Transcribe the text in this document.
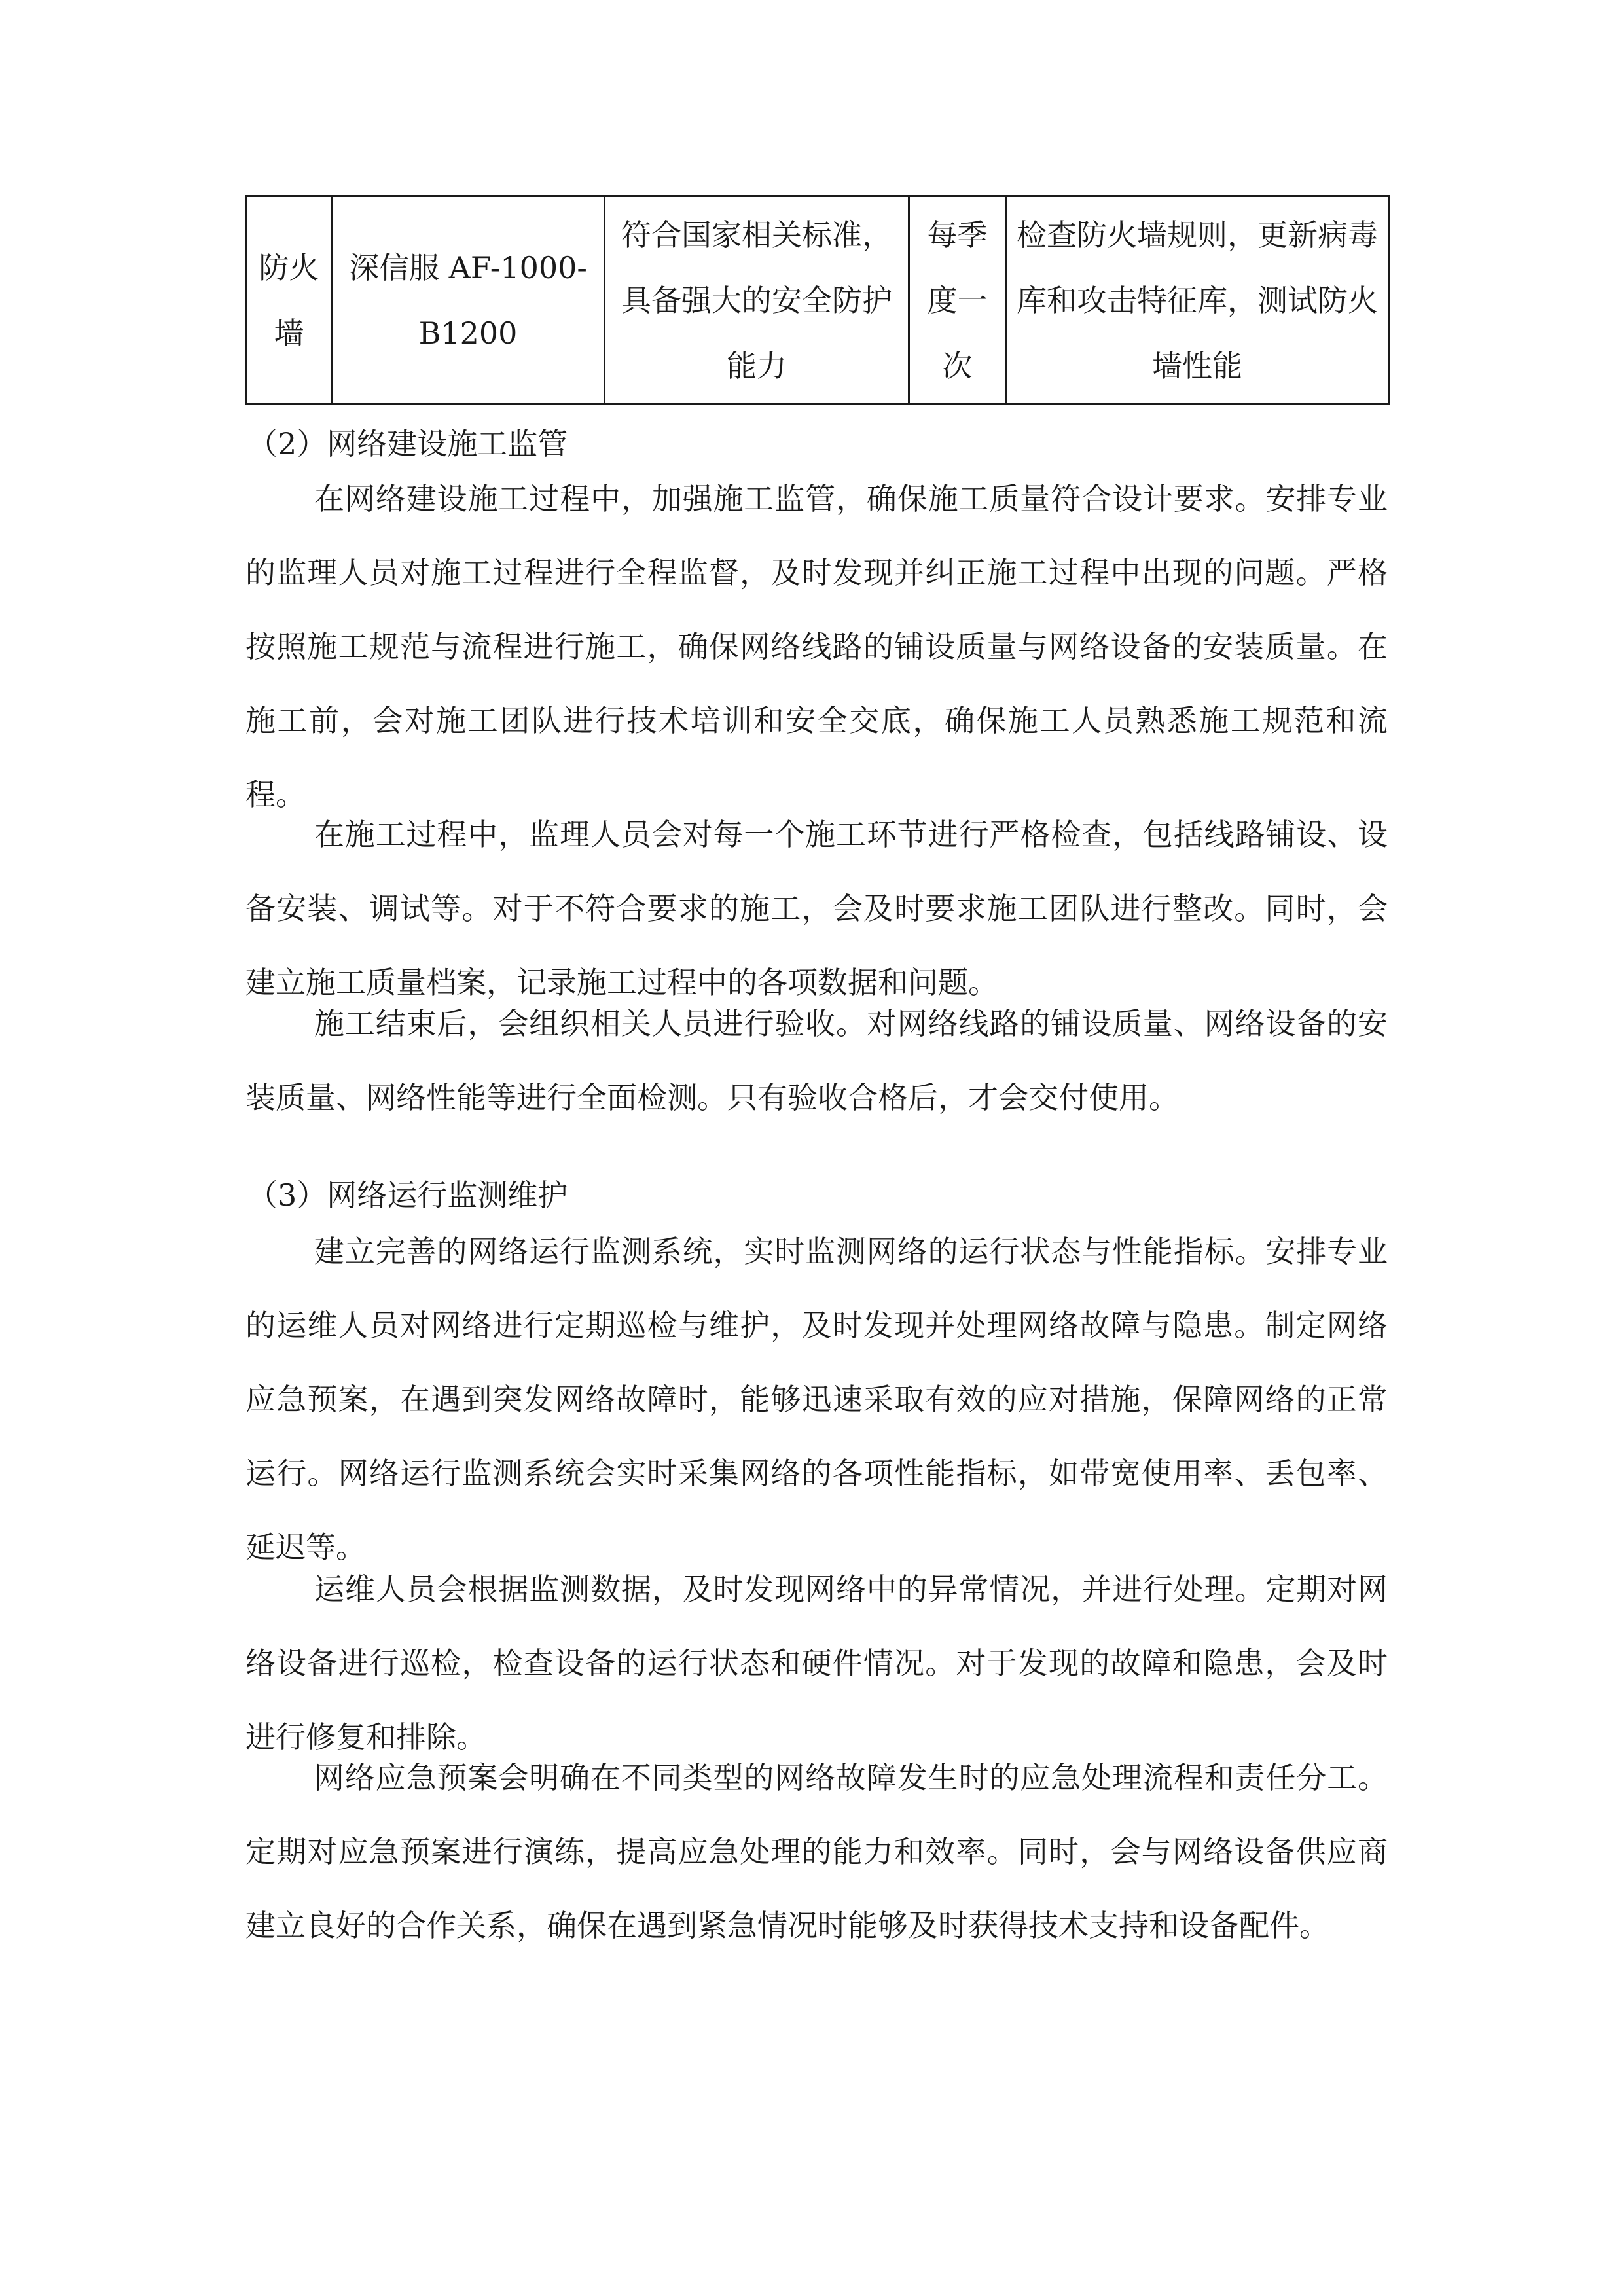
防火墙	深信服 AF-1000-B1200	符合国家相关标准，具备强大的安全防护能力	每季度一次	检查防火墙规则，更新病毒库和攻击特征库，测试防火墙性能
（2）网络建设施工监管

在网络建设施工过程中，加强施工监管，确保施工质量符合设计要求。安排专业的监理人员对施工过程进行全程监督，及时发现并纠正施工过程中出现的问题。严格按照施工规范与流程进行施工，确保网络线路的铺设质量与网络设备的安装质量。在施工前，会对施工团队进行技术培训和安全交底，确保施工人员熟悉施工规范和流程。

在施工过程中，监理人员会对每一个施工环节进行严格检查，包括线路铺设、设备安装、调试等。对于不符合要求的施工，会及时要求施工团队进行整改。同时，会建立施工质量档案，记录施工过程中的各项数据和问题。

施工结束后，会组织相关人员进行验收。对网络线路的铺设质量、网络设备的安装质量、网络性能等进行全面检测。只有验收合格后，才会交付使用。

（3）网络运行监测维护

建立完善的网络运行监测系统，实时监测网络的运行状态与性能指标。安排专业的运维人员对网络进行定期巡检与维护，及时发现并处理网络故障与隐患。制定网络应急预案，在遇到突发网络故障时，能够迅速采取有效的应对措施，保障网络的正常运行。网络运行监测系统会实时采集网络的各项性能指标，如带宽使用率、丢包率、延迟等。

运维人员会根据监测数据，及时发现网络中的异常情况，并进行处理。定期对网络设备进行巡检，检查设备的运行状态和硬件情况。对于发现的故障和隐患，会及时进行修复和排除。

网络应急预案会明确在不同类型的网络故障发生时的应急处理流程和责任分工。定期对应急预案进行演练，提高应急处理的能力和效率。同时，会与网络设备供应商建立良好的合作关系，确保在遇到紧急情况时能够及时获得技术支持和设备配件。
